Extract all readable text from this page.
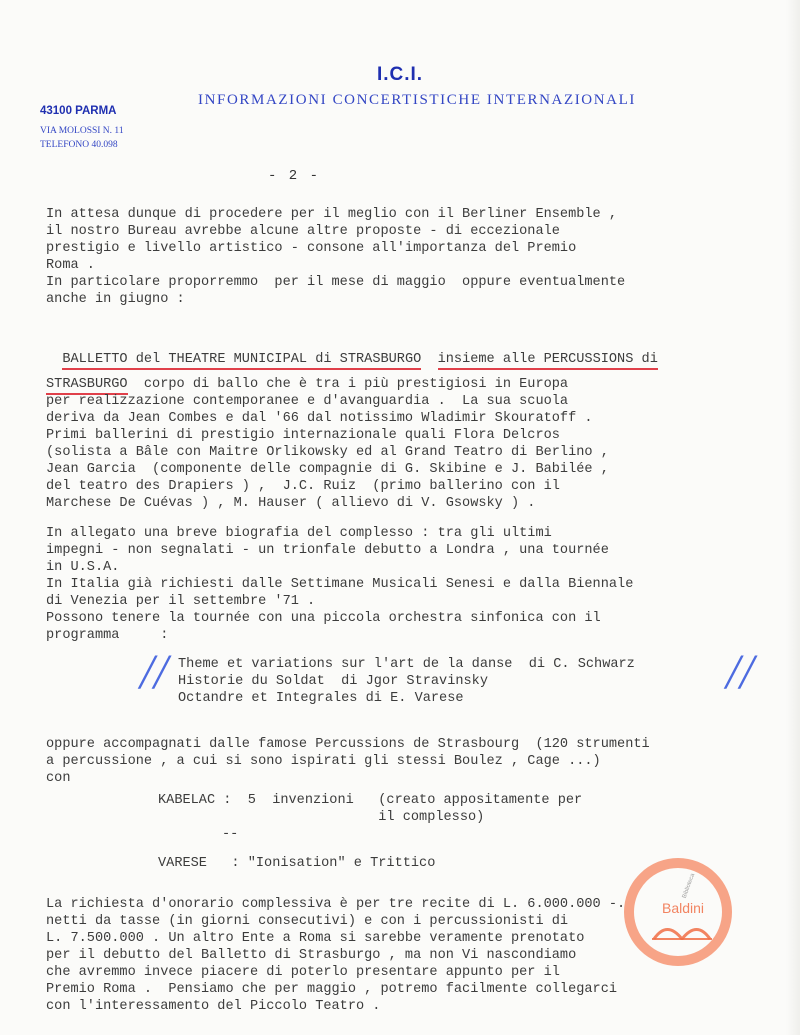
I.C.I.
INFORMAZIONI CONCERTISTICHE INTERNAZIONALI
43100 PARMA
VIA MOLOSSI N. 11
TELEFONO 40.098
- 2 -
In attesa dunque di procedere per il meglio con il Berliner Ensemble ,
il nostro Bureau avrebbe alcune altre proposte - di eccezionale
prestigio e livello artistico - consone all'importanza del Premio
Roma .
In particolare proporremmo  per il mese di maggio  oppure eventualmente
anche in giugno :

BALLETTO del THEATRE MUNICIPAL di STRASBURGO insieme alle PERCUSSIONS di

STRASBURGO  corpo di ballo che è tra i più prestigiosi in Europa
per realizzazione contemporanee e d'avanguardia .  La sua scuola
deriva da Jean Combes e dal '66 dal notissimo Wladimir Skouratoff .
Primi ballerini di prestigio internazionale quali Flora Delcros
(solista a Bâle con Maitre Orlikowsky ed al Grand Teatro di Berlino ,
Jean Garcia  (componente delle compagnie di G. Skibine e J. Babilée ,
del teatro des Drapiers ) ,  J.C. Ruiz  (primo ballerino con il
Marchese De Cuévas ) , M. Hauser ( allievo di V. Gsowsky ) .
In allegato una breve biografia del complesso : tra gli ultimi
impegni - non segnalati - un trionfale debutto a Londra , una tournée
in U.S.A.
In Italia già richiesti dalle Settimane Musicali Senesi e dalla Biennale
di Venezia per il settembre '71 .
Possono tenere la tournée con una piccola orchestra sinfonica con il
programma     :
// Theme et variations sur l'art de la danse  di C. Schwarz
Historie du Soldat  di Jgor Stravinsky
Octandre et Integrales di E. Varese	//
oppure accompagnati dalle famose Percussions de Strasbourg  (120 strumenti
a percussione , a cui si sono ispirati gli stessi Boulez , Cage ...)
con
KABELAC :  5  invenzioni   (creato appositamente per
il complesso)
--
VARESE   : "Ionisation" e Trittico
La richiesta d'onorario complessiva è per tre recite di L. 6.000.000 -.
netti da tasse (in giorni consecutivi) e con i percussionisti di
L. 7.500.000 . Un altro Ente a Roma si sarebbe veramente prenotato
per il debutto del Balletto di Strasburgo , ma non Vi nascondiamo
che avremmo invece piacere di poterlo presentare appunto per il
Premio Roma .  Pensiamo che per maggio , potremo facilmente collegarci
con l'interessamento del Piccolo Teatro .
Biblioteca
Baldini
